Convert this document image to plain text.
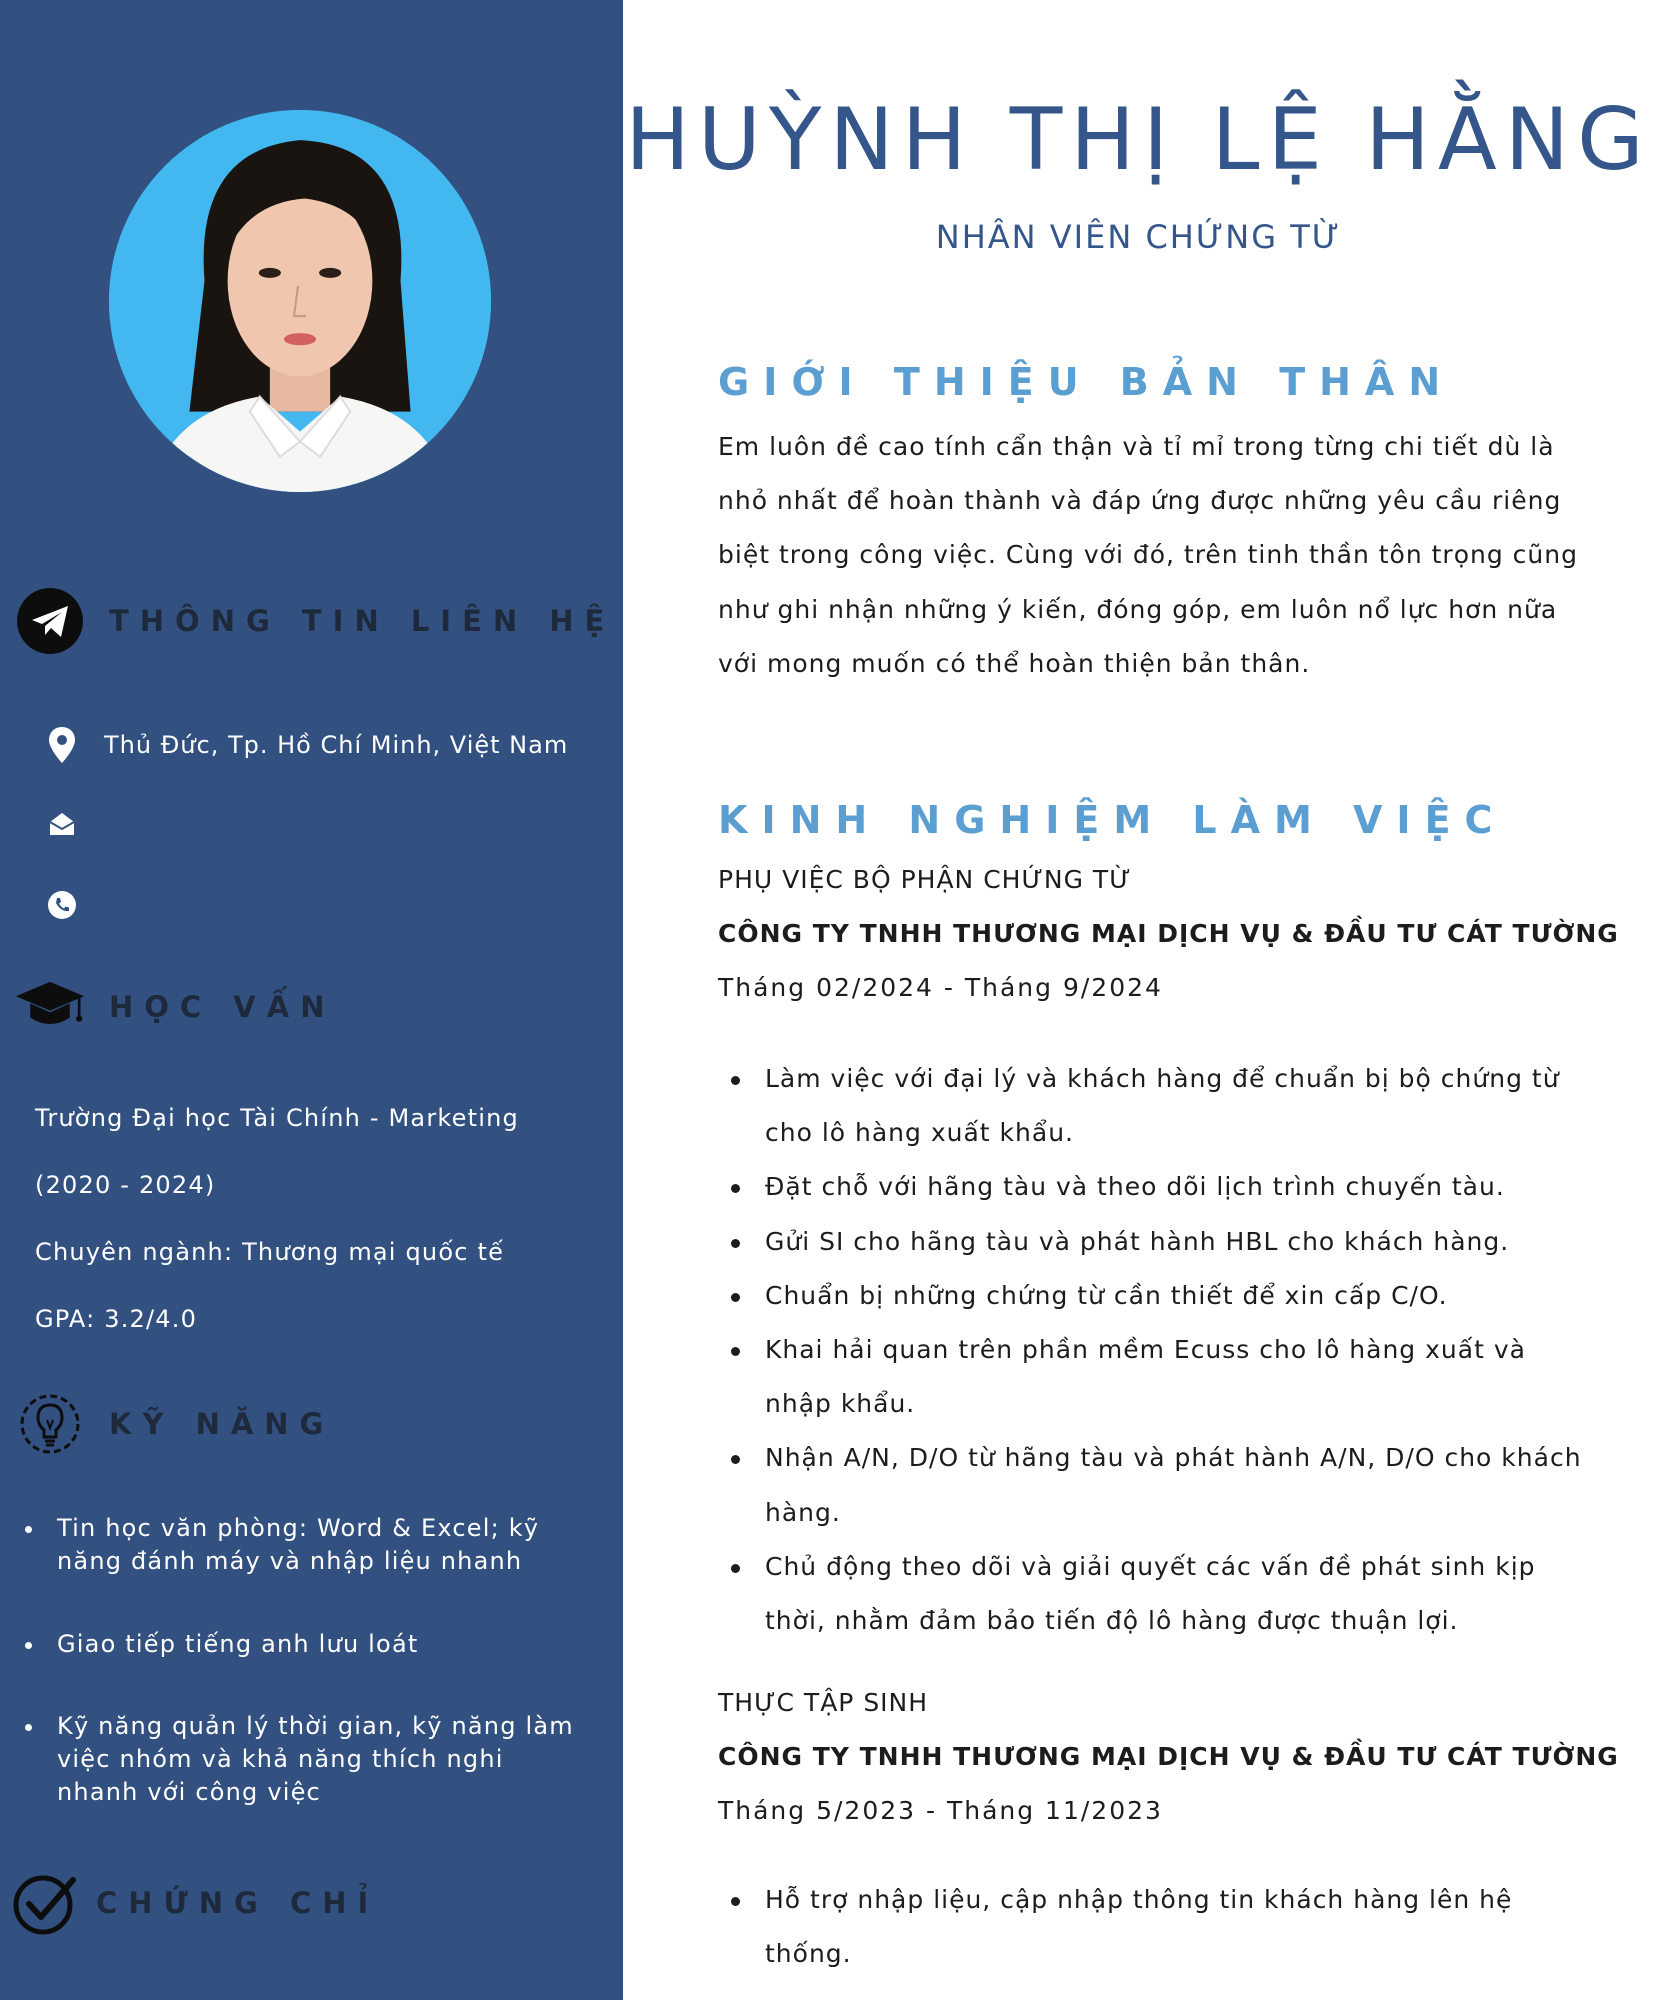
THÔNG TIN LIÊN HỆ
Thủ Đức, Tp. Hồ Chí Minh, Việt Nam
HỌC VẤN
Trường Đại học Tài Chính - Marketing
(2020 - 2024)
Chuyên ngành: Thương mại quốc tế
GPA: 3.2/4.0
KỸ NĂNG
Tin học văn phòng: Word & Excel; kỹ năng đánh máy và nhập liệu nhanh
Giao tiếp tiếng anh lưu loát
Kỹ năng quản lý thời gian, kỹ năng làm việc nhóm và khả năng thích nghi nhanh với công việc
CHỨNG CHỈ
HUỲNH THỊ LỆ HẰNG
NHÂN VIÊN CHỨNG TỪ
GIỚI THIỆU BẢN THÂN
Em luôn đề cao tính cẩn thận và tỉ mỉ trong từng chi tiết dù là nhỏ nhất để hoàn thành và đáp ứng được những yêu cầu riêng biệt trong công việc. Cùng với đó, trên tinh thần tôn trọng cũng như ghi nhận những ý kiến, đóng góp, em luôn nổ lực hơn nữa với mong muốn có thể hoàn thiện bản thân.
KINH NGHIỆM LÀM VIỆC
PHỤ VIỆC BỘ PHẬN CHỨNG TỪ
CÔNG TY TNHH THƯƠNG MẠI DỊCH VỤ & ĐẦU TƯ CÁT TƯỜNG
Tháng 02/2024 - Tháng 9/2024
Làm việc với đại lý và khách hàng để chuẩn bị bộ chứng từ cho lô hàng xuất khẩu.
Đặt chỗ với hãng tàu và theo dõi lịch trình chuyến tàu.
Gửi SI cho hãng tàu và phát hành HBL cho khách hàng.
Chuẩn bị những chứng từ cần thiết để xin cấp C/O.
Khai hải quan trên phần mềm Ecuss cho lô hàng xuất và nhập khẩu.
Nhận A/N, D/O từ hãng tàu và phát hành A/N, D/O cho khách hàng.
Chủ động theo dõi và giải quyết các vấn đề phát sinh kịp thời, nhằm đảm bảo tiến độ lô hàng được thuận lợi.
THỰC TẬP SINH
CÔNG TY TNHH THƯƠNG MẠI DỊCH VỤ & ĐẦU TƯ CÁT TƯỜNG
Tháng 5/2023 - Tháng 11/2023
Hỗ trợ nhập liệu, cập nhập thông tin khách hàng lên hệ thống.
